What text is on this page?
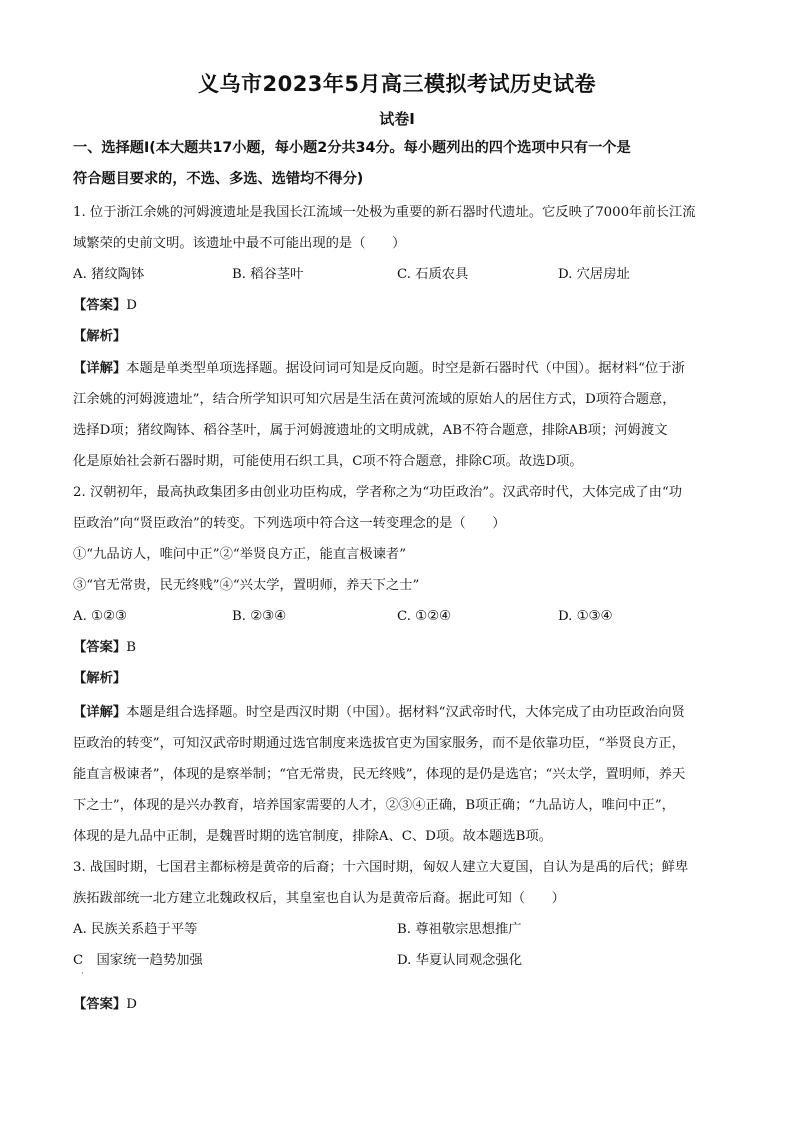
义乌市2023年5月高三模拟考试历史试卷
试卷I
一、选择题I(本大题共17小题，每小题2分共34分。每小题列出的四个选项中只有一个是
符合题目要求的，不选、多选、选错均不得分)
1. 位于浙江余姚的河姆渡遗址是我国长江流域一处极为重要的新石器时代遗址。它反映了7000年前长江流
域繁荣的史前文明。该遗址中最不可能出现的是（　　）
A. 猪纹陶钵	B. 稻谷茎叶	C. 石质农具	D. 穴居房址
【答案】D
【解析】
【详解】本题是单类型单项选择题。据设问词可知是反向题。时空是新石器时代（中国）。据材料“位于浙
江余姚的河姆渡遗址”，结合所学知识可知穴居是生活在黄河流域的原始人的居住方式，D项符合题意，
选择D项；猪纹陶钵、稻谷茎叶，属于河姆渡遗址的文明成就，AB不符合题意，排除AB项；河姆渡文
化是原始社会新石器时期，可能使用石织工具，C项不符合题意，排除C项。故选D项。
2. 汉朝初年，最高执政集团多由创业功臣构成，学者称之为“功臣政治”。汉武帝时代，大体完成了由“功
臣政治”向“贤臣政治”的转变。下列选项中符合这一转变理念的是（　　）
①“九品访人，唯问中正”②“举贤良方正，能直言极谏者”
③“官无常贵，民无终贱”④“兴太学，置明师，养天下之士”
A. ①②③	B. ②③④	C. ①②④	D. ①③④
【答案】B
【解析】
【详解】本题是组合选择题。时空是西汉时期（中国）。据材料“汉武帝时代，大体完成了由功臣政治向贤
臣政治的转变”，可知汉武帝时期通过选官制度来选拔官吏为国家服务，而不是依靠功臣，“举贤良方正，
能直言极谏者”，体现的是察举制；“官无常贵，民无终贱”，体现的是仍是选官；“兴太学，置明师，养天
下之士”，体现的是兴办教育，培养国家需要的人才，②③④正确，B项正确；“九品访人，唯问中正”，
体现的是九品中正制，是魏晋时期的选官制度，排除A、C、D项。故本题选B项。
3. 战国时期，七国君主都标榜是黄帝的后裔；十六国时期，匈奴人建立大夏国，自认为是禹的后代；鲜卑
族拓跋部统一北方建立北魏政权后，其皇室也自认为是黄帝后裔。据此可知（　　）
A. 民族关系趋于平等	B. 尊祖敬宗思想推广
C　国家统一趋势加强	D. 华夏认同观念强化
·
【答案】D
